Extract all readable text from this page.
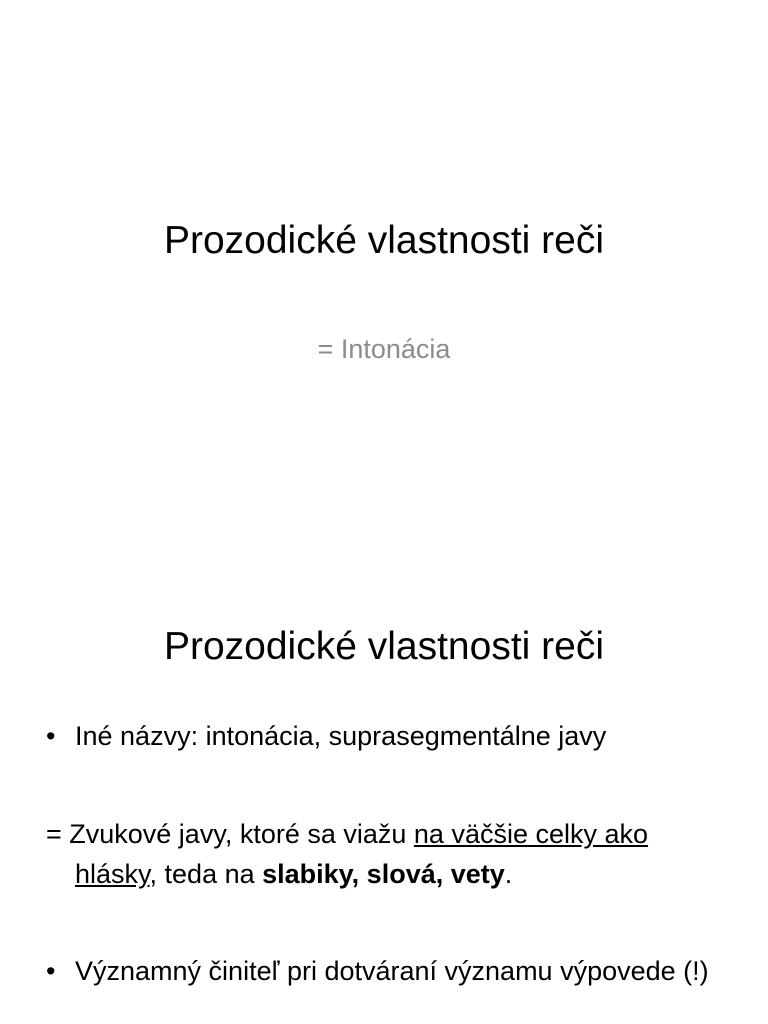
Prozodické vlastnosti reči
= Intonácia
Prozodické vlastnosti reči

• Iné názvy: intonácia, suprasegmentálne javy

= Zvukové javy, ktoré sa viažu na väčšie celky ako hlásky, teda na slabiky, slová, vety.

• Významný činiteľ pri dotváraní významu výpovede (!)
